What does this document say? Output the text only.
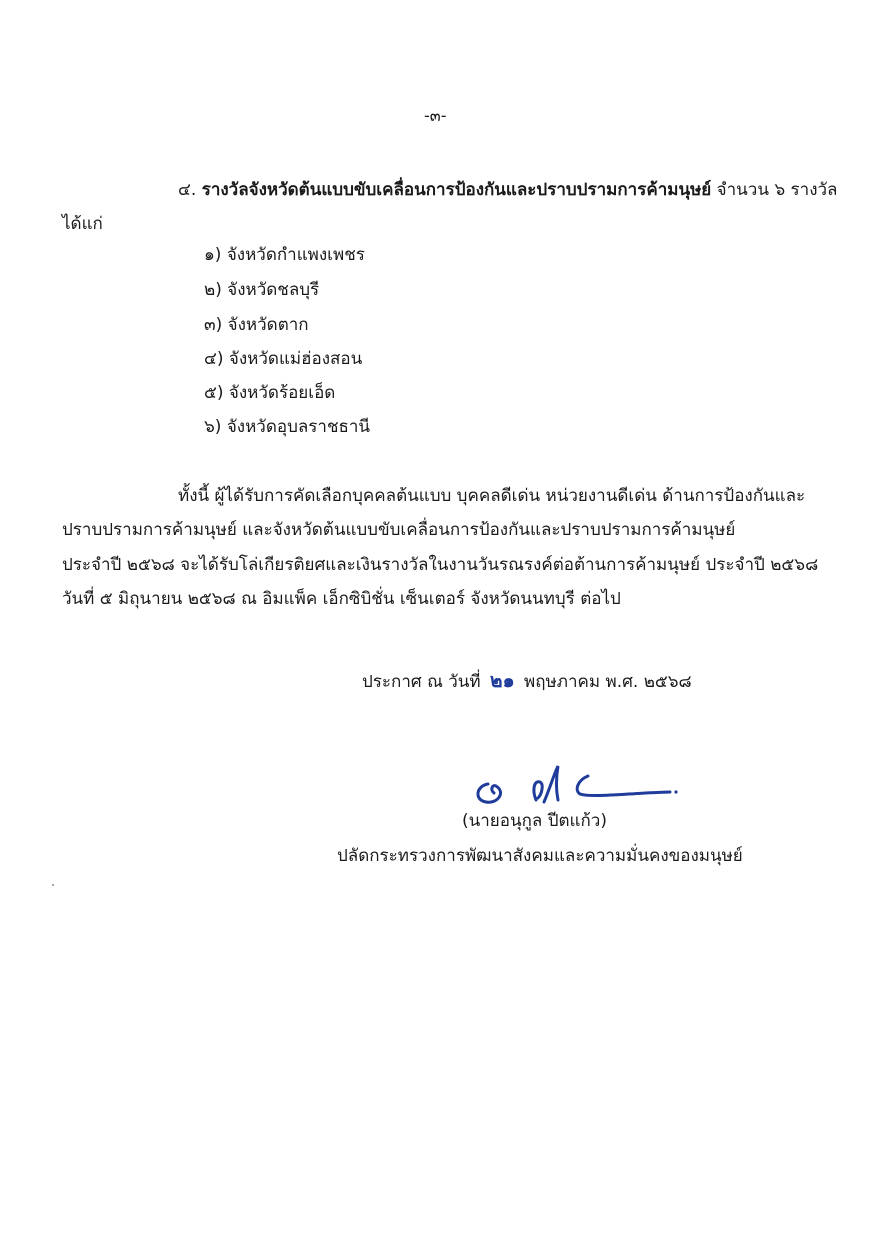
-๓-
๔. รางวัลจังหวัดต้นแบบขับเคลื่อนการป้องกันและปราบปรามการค้ามนุษย์ จำนวน ๖ รางวัล
ได้แก่
๑) จังหวัดกำแพงเพชร
๒) จังหวัดชลบุรี
๓) จังหวัดตาก
๔) จังหวัดแม่ฮ่องสอน
๕) จังหวัดร้อยเอ็ด
๖) จังหวัดอุบลราชธานี
ทั้งนี้ ผู้ได้รับการคัดเลือกบุคคลต้นแบบ บุคคลดีเด่น หน่วยงานดีเด่น ด้านการป้องกันและ
ปราบปรามการค้ามนุษย์ และจังหวัดต้นแบบขับเคลื่อนการป้องกันและปราบปรามการค้ามนุษย์
ประจำปี ๒๕๖๘ จะได้รับโล่เกียรติยศและเงินรางวัลในงานวันรณรงค์ต่อต้านการค้ามนุษย์ ประจำปี ๒๕๖๘
วันที่ ๕ มิถุนายน ๒๕๖๘ ณ อิมแพ็ค เอ็กซิบิชั่น เซ็นเตอร์ จังหวัดนนทบุรี ต่อไป
ประกาศ ณ วันที่ ๒๑ พฤษภาคม พ.ศ. ๒๕๖๘
(นายอนุกูล ปีตแก้ว)
ปลัดกระทรวงการพัฒนาสังคมและความมั่นคงของมนุษย์
